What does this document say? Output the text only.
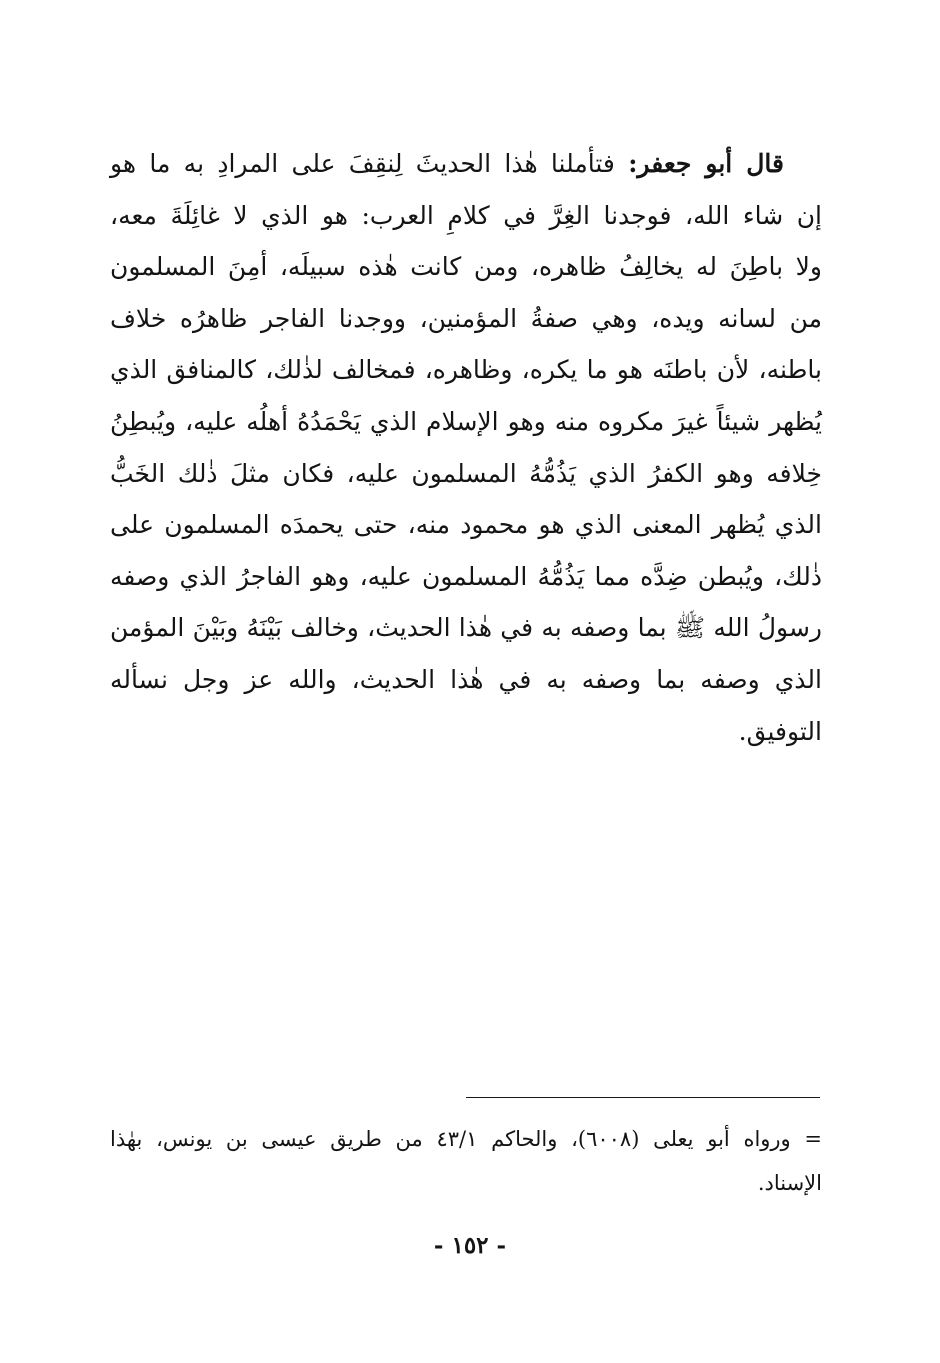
قال أبو جعفر: فتأملنا هٰذا الحديثَ لِنقِفَ على المرادِ به ما هو
إن شاء الله، فوجدنا الغِرَّ في كلامِ العرب: هو الذي لا غائِلَةَ معه،
ولا باطِنَ له يخالِفُ ظاهره، ومن كانت هٰذه سبيلَه، أمِنَ المسلمون
من لسانه ويده، وهي صفةُ المؤمنين، ووجدنا الفاجر ظاهرُه خلاف
باطنه، لأن باطنَه هو ما يكره، وظاهره، فمخالف لذٰلك، كالمنافق الذي
يُظهر شيئاً غيرَ مكروه منه وهو الإسلام الذي يَحْمَدُهُ أهلُه عليه، ويُبطِنُ
خِلافه وهو الكفرُ الذي يَذُمُّهُ المسلمون عليه، فكان مثلَ ذٰلك الخَبُّ
الذي يُظهر المعنى الذي هو محمود منه، حتى يحمدَه المسلمون على
ذٰلك، ويُبطن ضِدَّه مما يَذُمُّهُ المسلمون عليه، وهو الفاجرُ الذي وصفه
رسولُ الله ﷺ بما وصفه به في هٰذا الحديث، وخالف بَيْنَهُ وبَيْنَ المؤمن
الذي وصفه بما وصفه به في هٰذا الحديث، والله عز وجل نسأله
التوفيق.
= ورواه أبو يعلى (٦٠٠٨)، والحاكم ٤٣/١ من طريق عيسى بن يونس، بهٰذا
الإسناد.
- ١٥٢ -
